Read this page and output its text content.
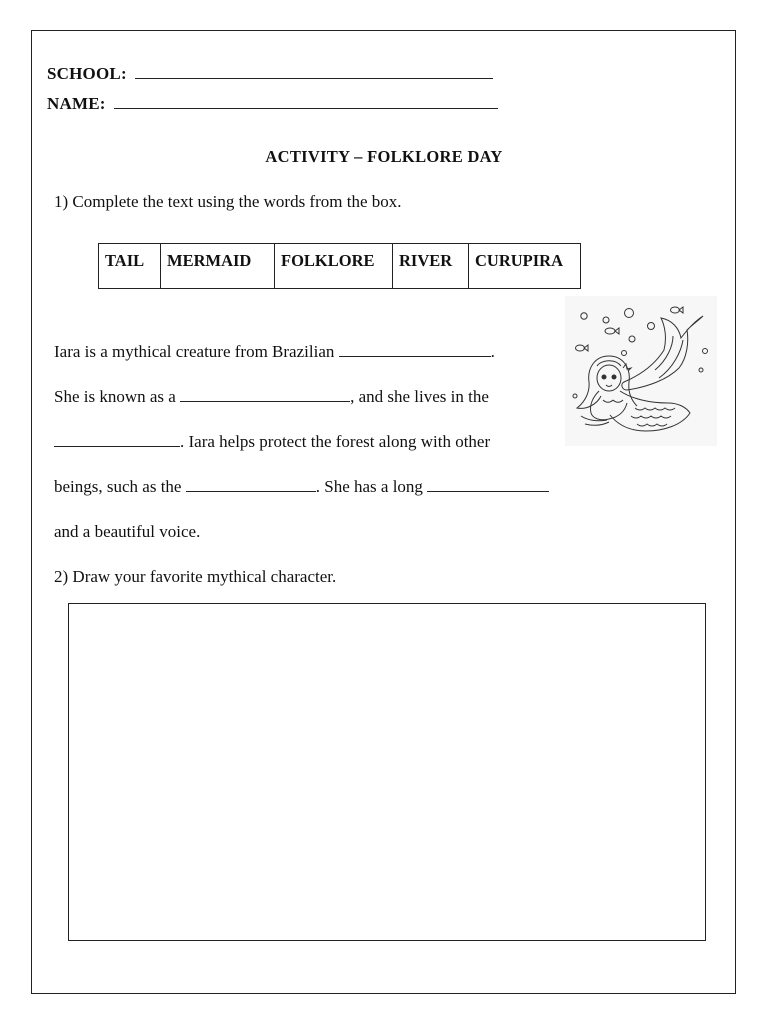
SCHOOL:
NAME:
ACTIVITY – FOLKLORE DAY
1) Complete the text using the words from the box.
TAIL	MERMAID	FOLKLORE	RIVER	CURUPIRA
Iara is a mythical creature from Brazilian	.
She is known as a	, and she lives in the
. Iara helps protect the forest along with other
beings, such as the	. She has a long
and a beautiful voice.
2) Draw your favorite mythical character.
